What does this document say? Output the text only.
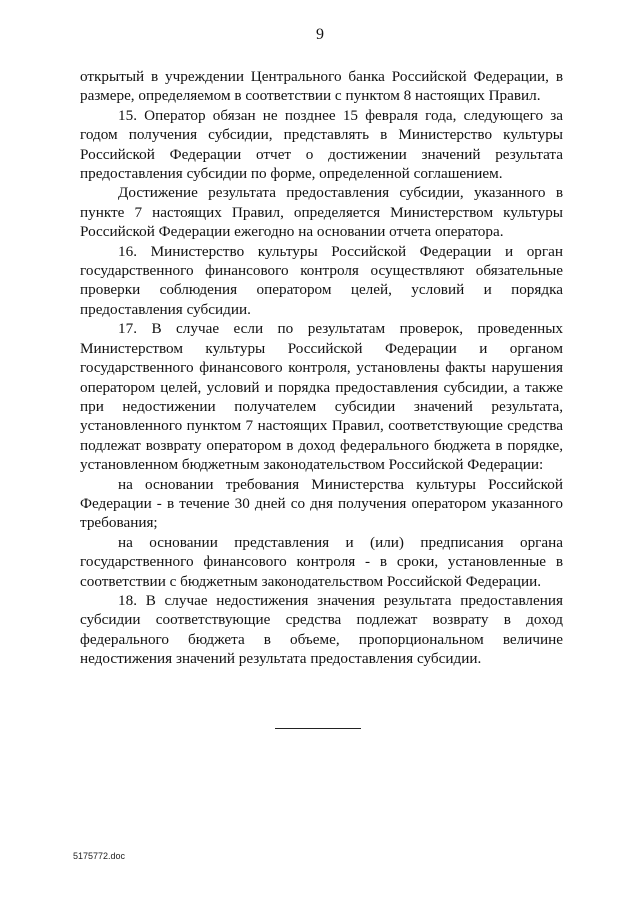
9

открытый в учреждении Центрального банка Российской Федерации, в размере, определяемом в соответствии с пунктом 8 настоящих Правил.

15. Оператор обязан не позднее 15 февраля года, следующего за годом получения субсидии, представлять в Министерство культуры Российской Федерации отчет о достижении значений результата предоставления субсидии по форме, определенной соглашением.

Достижение результата предоставления субсидии, указанного в пункте 7 настоящих Правил, определяется Министерством культуры Российской Федерации ежегодно на основании отчета оператора.

16. Министерство культуры Российской Федерации и орган государственного финансового контроля осуществляют обязательные проверки соблюдения оператором целей, условий и порядка предоставления субсидии.

17. В случае если по результатам проверок, проведенных Министерством культуры Российской Федерации и органом государственного финансового контроля, установлены факты нарушения оператором целей, условий и порядка предоставления субсидии, а также при недостижении получателем субсидии значений результата, установленного пунктом 7 настоящих Правил, соответствующие средства подлежат возврату оператором в доход федерального бюджета в порядке, установленном бюджетным законодательством Российской Федерации:

на основании требования Министерства культуры Российской Федерации - в течение 30 дней со дня получения оператором указанного требования;

на основании представления и (или) предписания органа государственного финансового контроля - в сроки, установленные в соответствии с бюджетным законодательством Российской Федерации.

18. В случае недостижения значения результата предоставления субсидии соответствующие средства подлежат возврату в доход федерального бюджета в объеме, пропорциональном величине недостижения значений результата предоставления субсидии.

5175772.doc
